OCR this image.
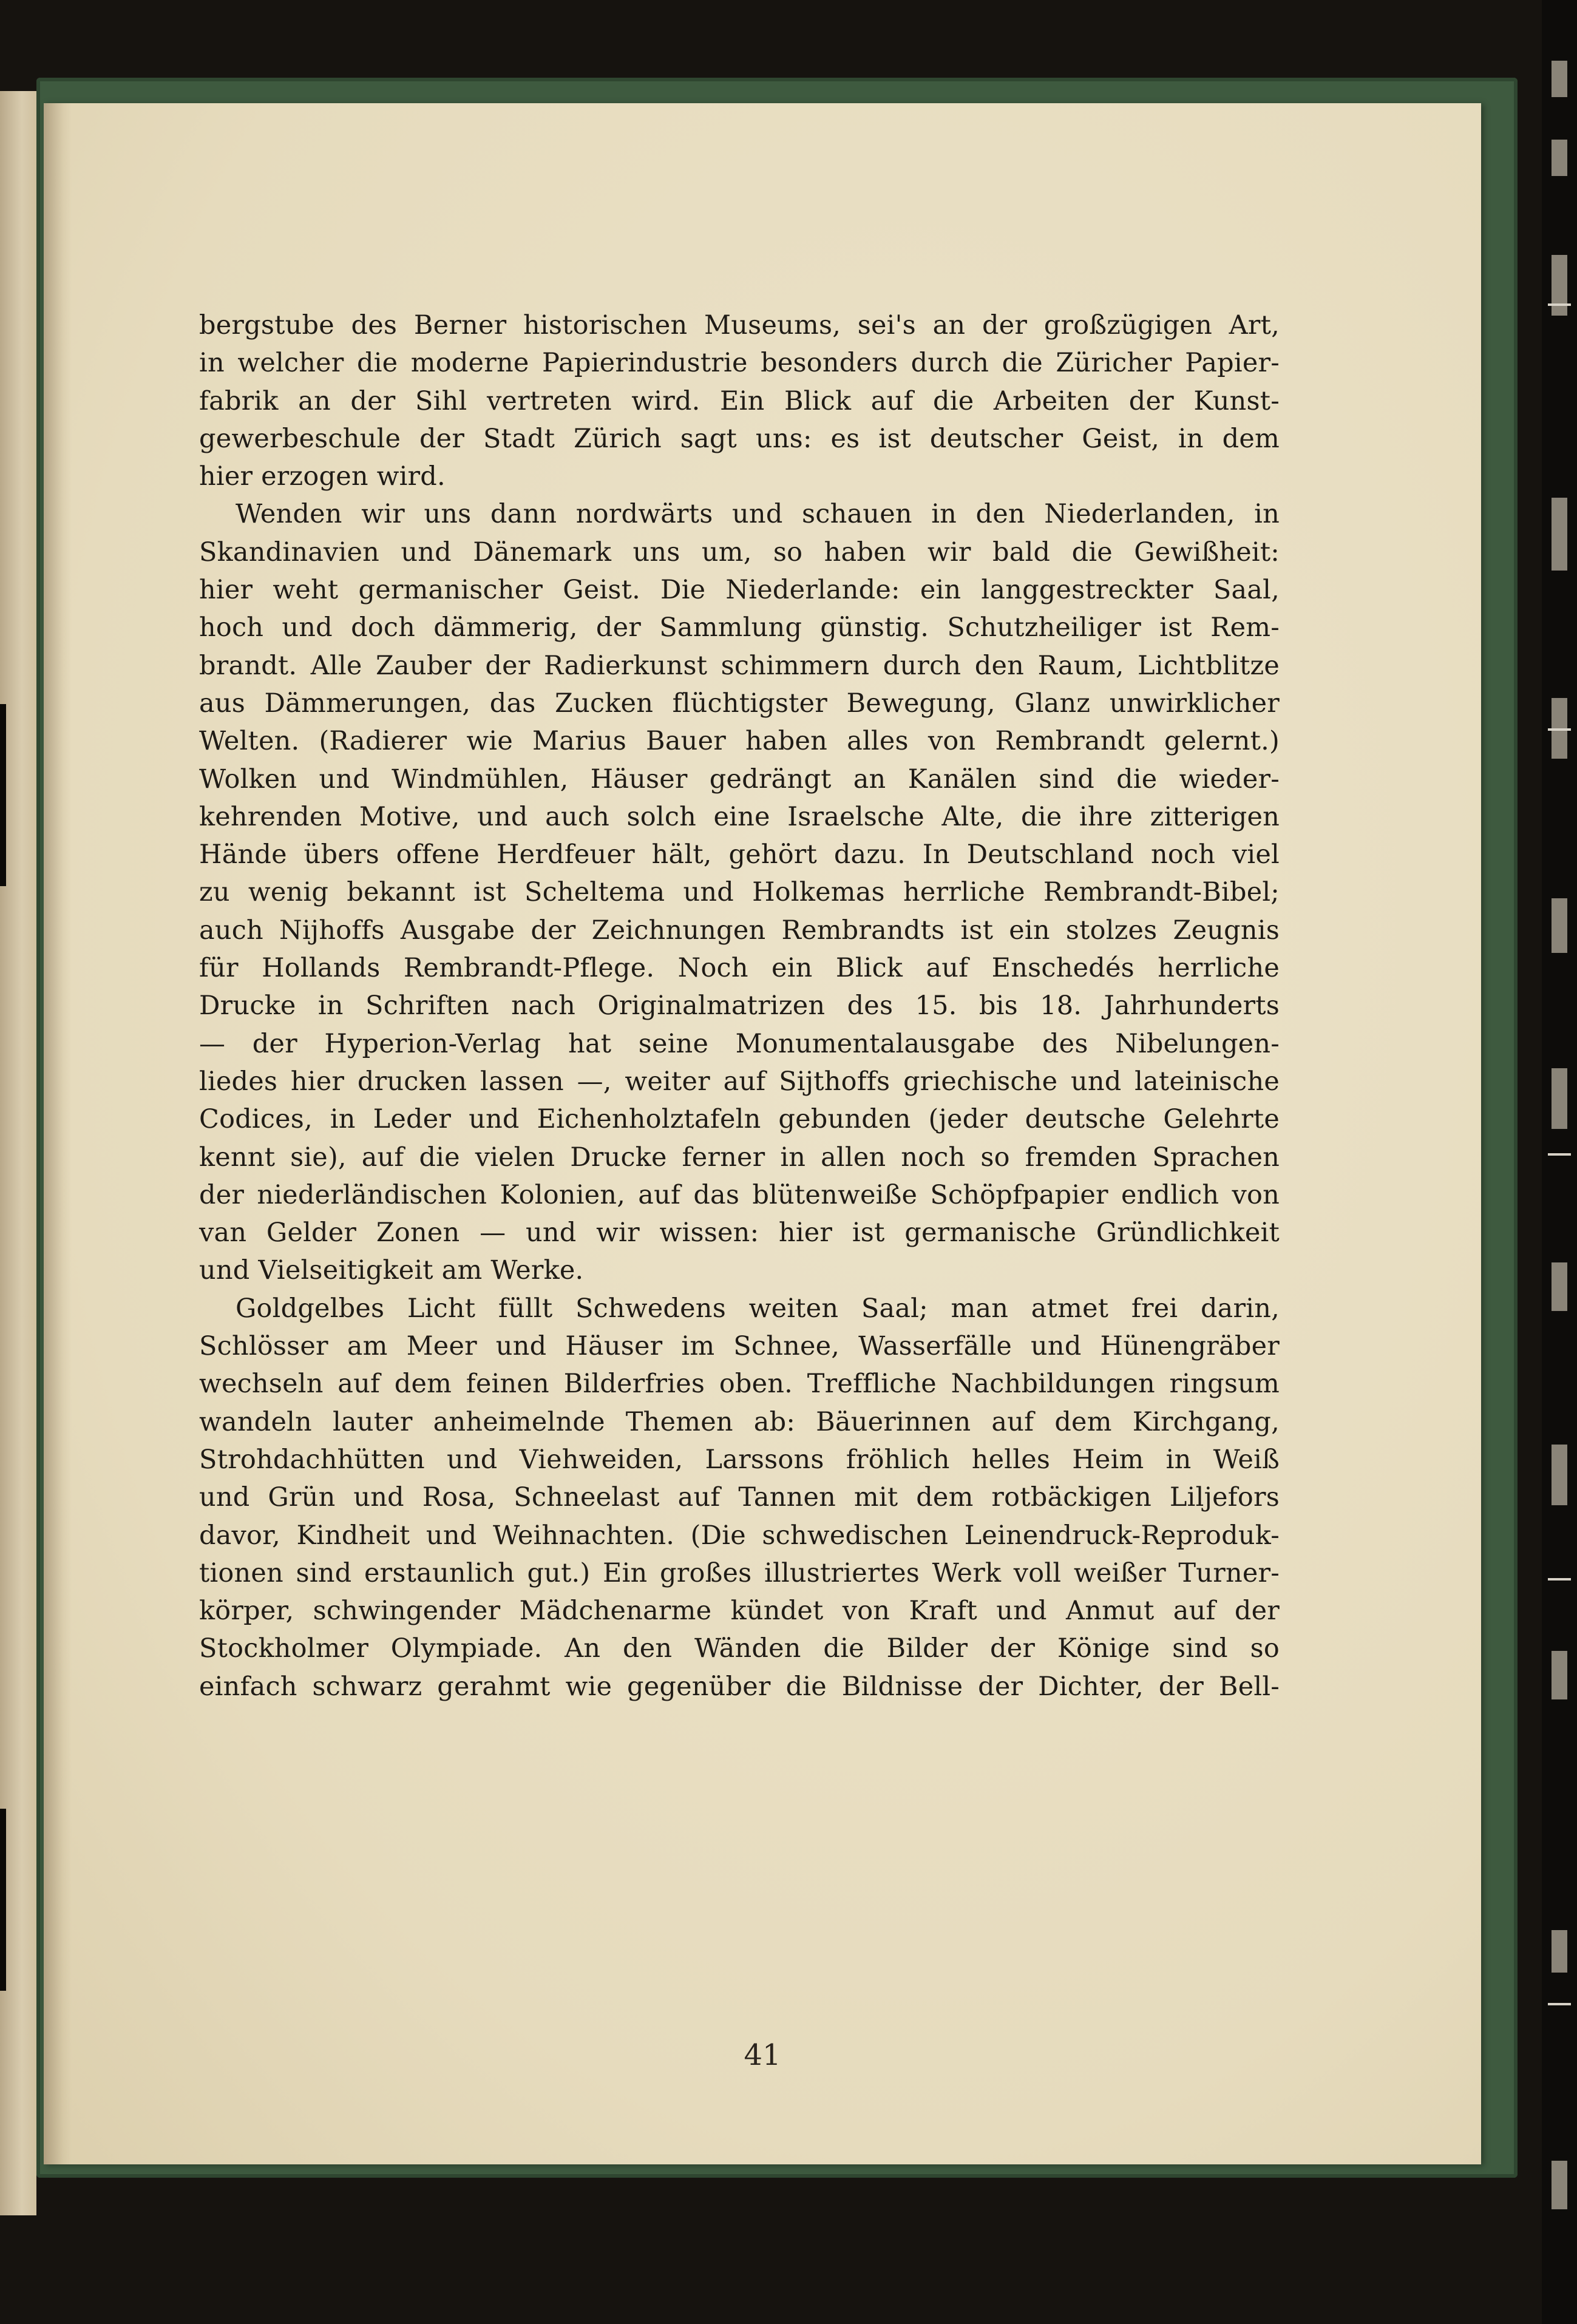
bergstube des Berner historischen Museums, sei's an der großzügigen Art,
in welcher die moderne Papierindustrie besonders durch die Züricher Papier-
fabrik an der Sihl vertreten wird. Ein Blick auf die Arbeiten der Kunst-
gewerbeschule der Stadt Zürich sagt uns: es ist deutscher Geist, in dem
hier erzogen wird.
Wenden wir uns dann nordwärts und schauen in den Niederlanden, in
Skandinavien und Dänemark uns um, so haben wir bald die Gewißheit:
hier weht germanischer Geist. Die Niederlande: ein langgestreckter Saal,
hoch und doch dämmerig, der Sammlung günstig. Schutzheiliger ist Rem-
brandt. Alle Zauber der Radierkunst schimmern durch den Raum, Lichtblitze
aus Dämmerungen, das Zucken flüchtigster Bewegung, Glanz unwirklicher
Welten. (Radierer wie Marius Bauer haben alles von Rembrandt gelernt.)
Wolken und Windmühlen, Häuser gedrängt an Kanälen sind die wieder-
kehrenden Motive, und auch solch eine Israelsche Alte, die ihre zitterigen
Hände übers offene Herdfeuer hält, gehört dazu. In Deutschland noch viel
zu wenig bekannt ist Scheltema und Holkemas herrliche Rembrandt-Bibel;
auch Nijhoffs Ausgabe der Zeichnungen Rembrandts ist ein stolzes Zeugnis
für Hollands Rembrandt-Pflege. Noch ein Blick auf Enschedés herrliche
Drucke in Schriften nach Originalmatrizen des 15. bis 18. Jahrhunderts
— der Hyperion-Verlag hat seine Monumentalausgabe des Nibelungen-
liedes hier drucken lassen —, weiter auf Sijthoffs griechische und lateinische
Codices, in Leder und Eichenholztafeln gebunden (jeder deutsche Gelehrte
kennt sie), auf die vielen Drucke ferner in allen noch so fremden Sprachen
der niederländischen Kolonien, auf das blütenweiße Schöpfpapier endlich von
van Gelder Zonen — und wir wissen: hier ist germanische Gründlichkeit
und Vielseitigkeit am Werke.
Goldgelbes Licht füllt Schwedens weiten Saal; man atmet frei darin,
Schlösser am Meer und Häuser im Schnee, Wasserfälle und Hünengräber
wechseln auf dem feinen Bilderfries oben. Treffliche Nachbildungen ringsum
wandeln lauter anheimelnde Themen ab: Bäuerinnen auf dem Kirchgang,
Strohdachhütten und Viehweiden, Larssons fröhlich helles Heim in Weiß
und Grün und Rosa, Schneelast auf Tannen mit dem rotbäckigen Liljefors
davor, Kindheit und Weihnachten. (Die schwedischen Leinendruck-Reproduk-
tionen sind erstaunlich gut.) Ein großes illustriertes Werk voll weißer Turner-
körper, schwingender Mädchenarme kündet von Kraft und Anmut auf der
Stockholmer Olympiade. An den Wänden die Bilder der Könige sind so
einfach schwarz gerahmt wie gegenüber die Bildnisse der Dichter, der Bell-
41
